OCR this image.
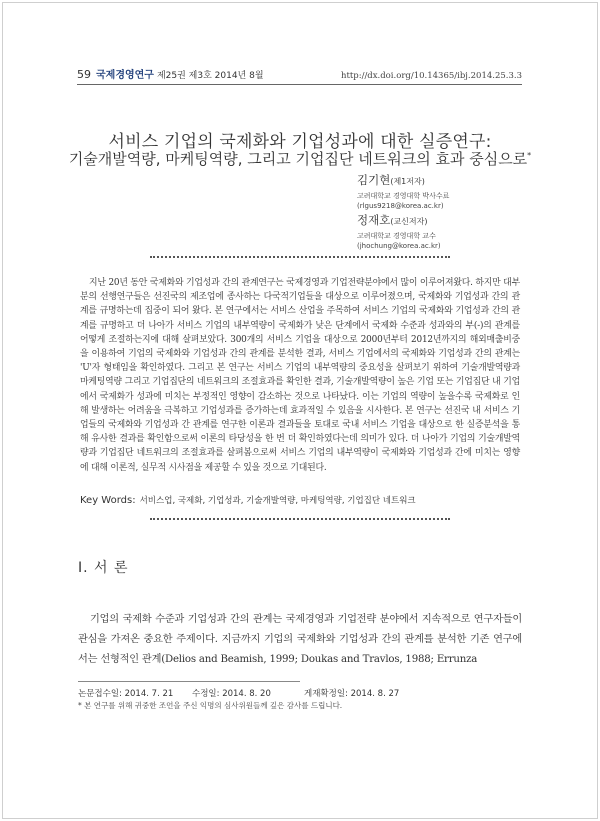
59 국제경영연구 제25권 제3호 2014년 8월	http://dx.doi.org/10.14365/ibj.2014.25.3.3
서비스 기업의 국제화와 기업성과에 대한 실증연구:
기술개발역량, 마케팅역량, 그리고 기업집단 네트워크의 효과 중심으로*
김기현(제1저자)
고려대학교 경영대학 박사수료
(rlgus9218@korea.ac.kr)
정재호(교신저자)
고려대학교 경영대학 교수
(jhochung@korea.ac.kr)
지난 20년 동안 국제화와 기업성과 간의 관계연구는 국제경영과 기업전략분야에서 많이 이루어져왔다. 하지만 대부분의 선행연구들은 선진국의 제조업에 종사하는 다국적기업들을 대상으로 이루어졌으며, 국제화와 기업성과 간의 관계를 규명하는데 집중이 되어 왔다. 본 연구에서는 서비스 산업을 주목하여 서비스 기업의 국제화와 기업성과 간의 관계를 규명하고 더 나아가 서비스 기업의 내부역량이 국제화가 낮은 단계에서 국제화 수준과 성과와의 부(-)의 관계를 어떻게 조절하는지에 대해 살펴보았다. 300개의 서비스 기업을 대상으로 2000년부터 2012년까지의 해외매출비중을 이용하여 기업의 국제화와 기업성과 간의 관계를 분석한 결과, 서비스 기업에서의 국제화와 기업성과 간의 관계는 'U'자 형태임을 확인하였다. 그리고 본 연구는 서비스 기업의 내부역량의 중요성을 살펴보기 위하여 기술개발역량과 마케팅역량 그리고 기업집단의 네트워크의 조절효과를 확인한 결과, 기술개발역량이 높은 기업 또는 기업집단 내 기업에서 국제화가 성과에 미치는 부정적인 영향이 감소하는 것으로 나타났다. 이는 기업의 역량이 높을수록 국제화로 인해 발생하는 어려움을 극복하고 기업성과를 증가하는데 효과적일 수 있음을 시사한다. 본 연구는 선진국 내 서비스 기업들의 국제화와 기업성과 간 관계를 연구한 이론과 결과들을 토대로 국내 서비스 기업을 대상으로 한 실증분석을 통해 유사한 결과를 확인함으로써 이론의 타당성을 한 번 더 확인하였다는데 의미가 있다. 더 나아가 기업의 기술개발역량과 기업집단 네트워크의 조절효과를 살펴봄으로써 서비스 기업의 내부역량이 국제화와 기업성과 간에 미치는 영향에 대해 이론적, 실무적 시사점을 제공할 수 있을 것으로 기대된다.
Key Words: 서비스업, 국제화, 기업성과, 기술개발역량, 마케팅역량, 기업집단 네트워크
Ⅰ. 서 론
기업의 국제화 수준과 기업성과 간의 관계는 국제경영과 기업전략 분야에서 지속적으로 연구자들이 관심을 가져온 중요한 주제이다. 지금까지 기업의 국제화와 기업성과 간의 관계를 분석한 기존 연구에서는 선형적인 관계(Delios and Beamish, 1999; Doukas and Travlos, 1988; Errunza
논문접수일: 2014. 7. 21	수정일: 2014. 8. 20	게재확정일: 2014. 8. 27
* 본 연구를 위해 귀중한 조언을 주신 익명의 심사위원들께 깊은 감사를 드립니다.
